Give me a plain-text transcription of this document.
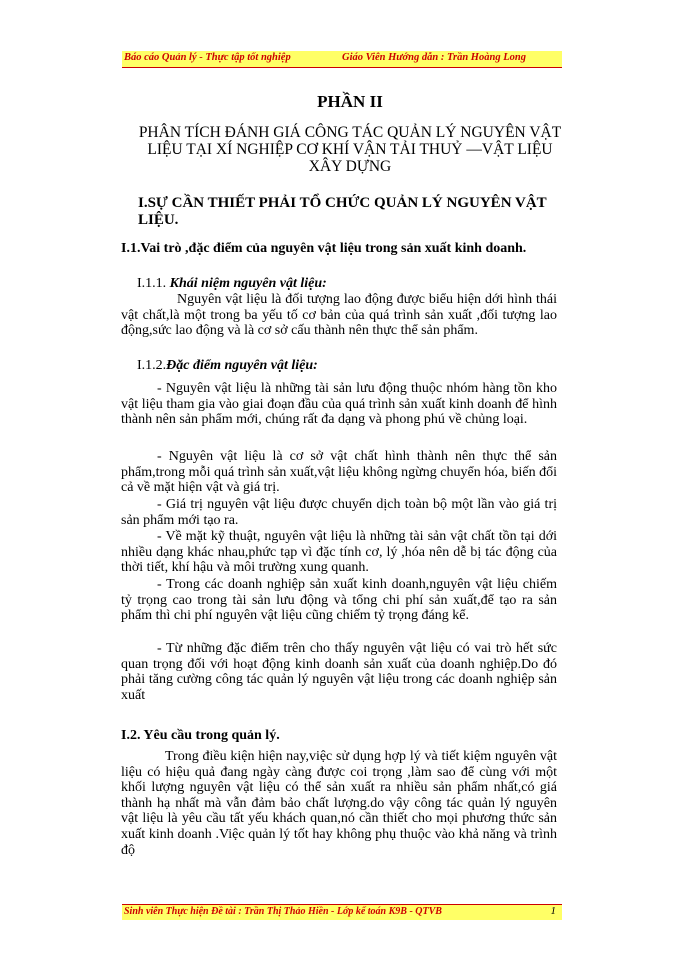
Báo cáo Quản lý - Thực tập tốt nghiệp	Giáo Viên Hướng dẫn : Trần Hoàng Long
PHẦN II
PHÂN TÍCH ĐÁNH GIÁ CÔNG TÁC QUẢN LÝ NGUYÊN VẬT LIỆU TẠI XÍ NGHIỆP CƠ KHÍ VẬN TẢI THUỶ —VẬT LIỆU XÂY DỰNG
I.SỰ CẦN THIẾT PHẢI TỔ CHỨC QUẢN LÝ NGUYÊN VẬT LIỆU.
I.1.Vai trò ,đặc điểm của nguyên vật liệu trong sản xuất kinh doanh.
I.1.1. Khái niệm nguyên vật liệu:
Nguyên vật liệu là đối tượng lao động được biểu hiện dới hình thái vật chất,là một trong ba yếu tố cơ bản của quá trình sản xuất ,đối tượng lao động,sức lao động và là cơ sở cấu thành nên thực thể sản phẩm.
I.1.2.Đặc điểm nguyên vật liệu:
- Nguyên vật liệu là những tài sản lưu động thuộc nhóm hàng tồn kho vật liệu tham gia vào giai đoạn đầu của quá trình sản xuất kinh doanh để hình thành nên sản phẩm mới, chúng rất đa dạng và phong phú về chủng loại.
- Nguyên vật liệu là cơ sở vật chất hình thành nên thực thể sản phẩm,trong mỗi quá trình sản xuất,vật liệu không ngừng chuyển hóa, biến đổi cả về mặt hiện vật và giá trị.
- Giá trị nguyên vật liệu được chuyển dịch toàn bộ một lần vào giá trị sản phẩm mới tạo ra.
- Về mặt kỹ thuật, nguyên vật liệu là những tài sản vật chất tồn tại dới nhiều dạng khác nhau,phức tạp vì đặc tính cơ, lý ,hóa nên dễ bị tác động của thời tiết, khí hậu và môi trường xung quanh.
- Trong các doanh nghiệp sản xuất kinh doanh,nguyên vật liệu chiếm tỷ trọng cao trong tài sản lưu động và tổng chi phí sản xuất,để tạo ra sản phẩm thì chi phí nguyên vật liệu cũng chiếm tỷ trọng đáng kể.
- Từ những đặc điểm trên cho thấy nguyên vật liệu có vai trò hết sức quan trọng đối với hoạt động kinh doanh sản xuất của doanh nghiệp.Do đó phải tăng cường công tác quản lý nguyên vật liệu trong các doanh nghiệp sản xuất
I.2. Yêu cầu trong quản lý.
Trong điều kiện hiện nay,việc sử dụng hợp lý và tiết kiệm nguyên vật liệu có hiệu quả đang ngày càng được coi trọng ,làm sao để cùng với một khối lượng nguyên vật liệu có thể sản xuất ra nhiều sản phẩm nhất,có giá thành hạ nhất mà vẫn đảm bảo chất lượng.do vậy công tác quản lý nguyên vật liệu là yêu cầu tất yếu khách quan,nó cần thiết cho mọi phương thức sản xuất kinh doanh .Việc quản lý tốt hay không phụ thuộc vào khả năng và trình độ
Sinh viên Thực hiện Đề tài : Trần Thị Thảo Hiền - Lớp kế toán K9B - QTVB	1
